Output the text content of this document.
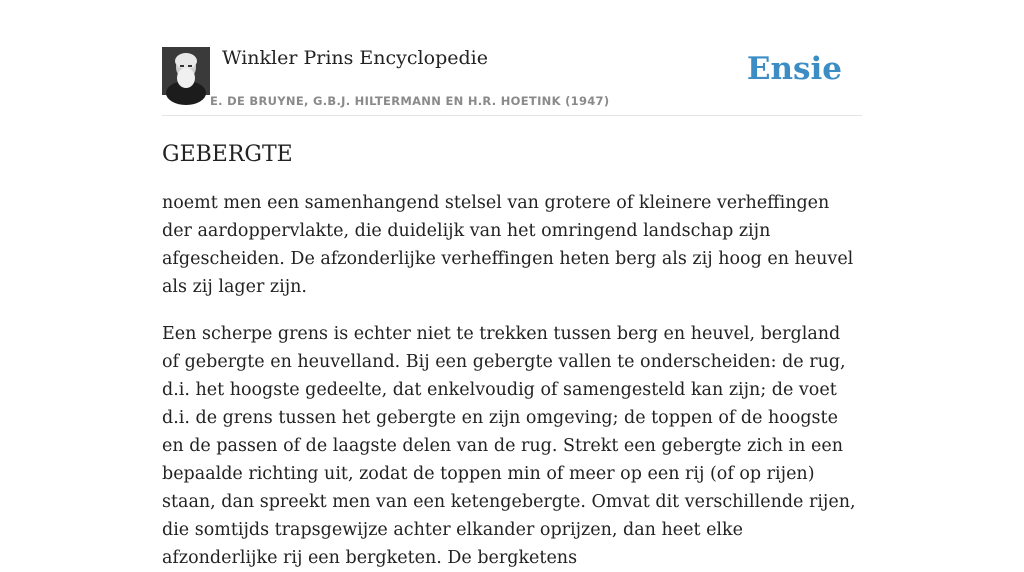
Winkler Prins Encyclopedie
E. DE BRUYNE, G.B.J. HILTERMANN EN H.R. HOETINK (1947)
Ensie
GEBERGTE

noemt men een samenhangend stelsel van grotere of kleinere verheffingen der aardoppervlakte, die duidelijk van het omringend landschap zijn afgescheiden. De afzonderlijke verheffingen heten berg als zij hoog en heuvel als zij lager zijn.

Een scherpe grens is echter niet te trekken tussen berg en heuvel, bergland of gebergte en heuvelland. Bij een gebergte vallen te onderscheiden: de rug, d.i. het hoogste gedeelte, dat enkelvoudig of samengesteld kan zijn; de voet d.i. de grens tussen het gebergte en zijn omgeving; de toppen of de hoogste en de passen of de laagste delen van de rug. Strekt een gebergte zich in een bepaalde richting uit, zodat de toppen min of meer op een rij (of op rijen) staan, dan spreekt men van een ketengebergte. Omvat dit verschillende rijen, die somtijds trapsgewijze achter elkander oprijzen, dan heet elke afzonderlijke rij een bergketen. De bergketens
